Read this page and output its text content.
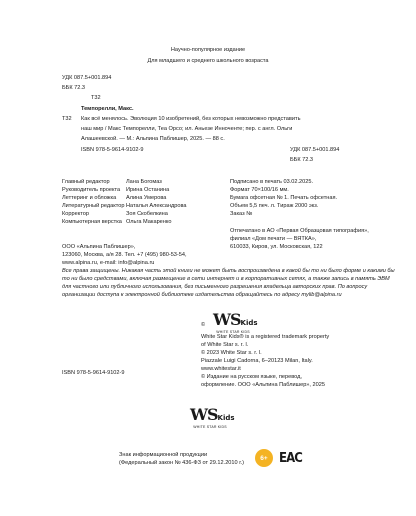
Научно-популярное издание
Для младшего и среднего школьного возраста
УДК 087.5+001.894
ББК 72.3
Т32
Темпорелли, Макс.
Т32 Как всё менялось. Эволюция 10 изобретений, без которых невозможно представить
наш мир / Макс Темпорелли, Теа Орсо; ил. Аньезе Инноченте; пер. с англ. Ольги
Алашеевской. — М.: Альпина Паблишер, 2025. — 88 с.
ISBN 978-5-9614-9102-9	УДК 087.5+001.894
ББК 72.3
Главный редактор	Лана Богомаз
Руководитель проекта Ирина Останина
Леттеринг и обложка Алина Умерова
Литературный редактор Наталья Александрова
Корректор	Зоя Скобелкина
Компьютерная верстка Ольга Макаренко
ООО «Альпина Паблишер»,
123060, Москва, а/я 28. Тел. +7 (495) 980-53-54,
www.alpina.ru, e-mail: info@alpina.ru
Подписано в печать 03.02.2025.
Формат 70×100/16 мм.
Бумага офсетная № 1. Печать офсетная.
Объем 5,5 печ. л. Тираж 2000 экз.
Заказ №
Отпечатано в АО «Первая Образцовая типография»,
филиал «Дом печати — ВЯТКА»,
610033, Киров, ул. Московская, 122
Все права защищены. Никакая часть этой книги не может быть воспроизведена в какой бы то ни было форме и какими бы
то ни было средствами, включая размещение в сети интернет и в корпоративных сетях, а также запись в память ЭВМ
для частного или публичного использования, без письменного разрешения владельца авторских прав. По вопросу
организации доступа к электронной библиотеке издательства обращайтесь по адресу mylib@alpina.ru
© WSKids
WHITE STAR KIDS
White Star Kids® is a registered trademark property
of White Star s. r. l.
© 2023 White Star s. r. l.
Piazzale Luigi Cadorna, 6–20123 Milan, Italy.
www.whitestar.it
© Издание на русском языке, перевод,
оформление. ООО «Альпина Паблишер», 2025
ISBN 978-5-9614-9102-9
WSKids
WHITE STAR KIDS
Знак информационной продукции
(Федеральный закон № 436-ФЗ от 29.12.2010 г.)
6+ EAC
